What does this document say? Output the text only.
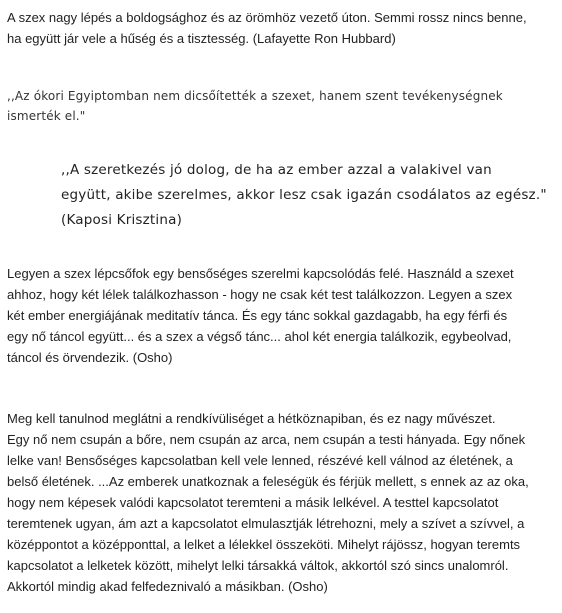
A szex nagy lépés a boldogsághoz és az örömhöz vezető úton. Semmi rossz nincs benne,
ha együtt jár vele a hűség és a tisztesség. (Lafayette Ron Hubbard)
,,Az ókori Egyiptomban nem dicsőítették a szexet, hanem szent tevékenységnek
ismerték el."
,,A szeretkezés jó dolog, de ha az ember azzal a valakivel van
együtt, akibe szerelmes, akkor lesz csak igazán csodálatos az egész."
(Kaposi Krisztina)
Legyen a szex lépcsőfok egy bensőséges szerelmi kapcsolódás felé. Használd a szexet
ahhoz, hogy két lélek találkozhasson - hogy ne csak két test találkozzon. Legyen a szex
két ember energiájának meditatív tánca. És egy tánc sokkal gazdagabb, ha egy férfi és
egy nő táncol együtt... és a szex a végső tánc... ahol két energia találkozik, egybeolvad,
táncol és örvendezik. (Osho)
Meg kell tanulnod meglátni a rendkívüliséget a hétköznapiban, és ez nagy művészet.
Egy nő nem csupán a bőre, nem csupán az arca, nem csupán a testi hányada. Egy nőnek
lelke van! Bensőséges kapcsolatban kell vele lenned, részévé kell válnod az életének, a
belső életének. ...Az emberek unatkoznak a feleségük és férjük mellett, s ennek az az oka,
hogy nem képesek valódi kapcsolatot teremteni a másik lelkével. A testtel kapcsolatot
teremtenek ugyan, ám azt a kapcsolatot elmulasztják létrehozni, mely a szívet a szívvel, a
középpontot a középponttal, a lelket a lélekkel összeköti. Mihelyt rájössz, hogyan teremts
kapcsolatot a lelketek között, mihelyt lelki társakká váltok, akkortól szó sincs unalomról.
Akkortól mindig akad felfedeznivaló a másikban. (Osho)
